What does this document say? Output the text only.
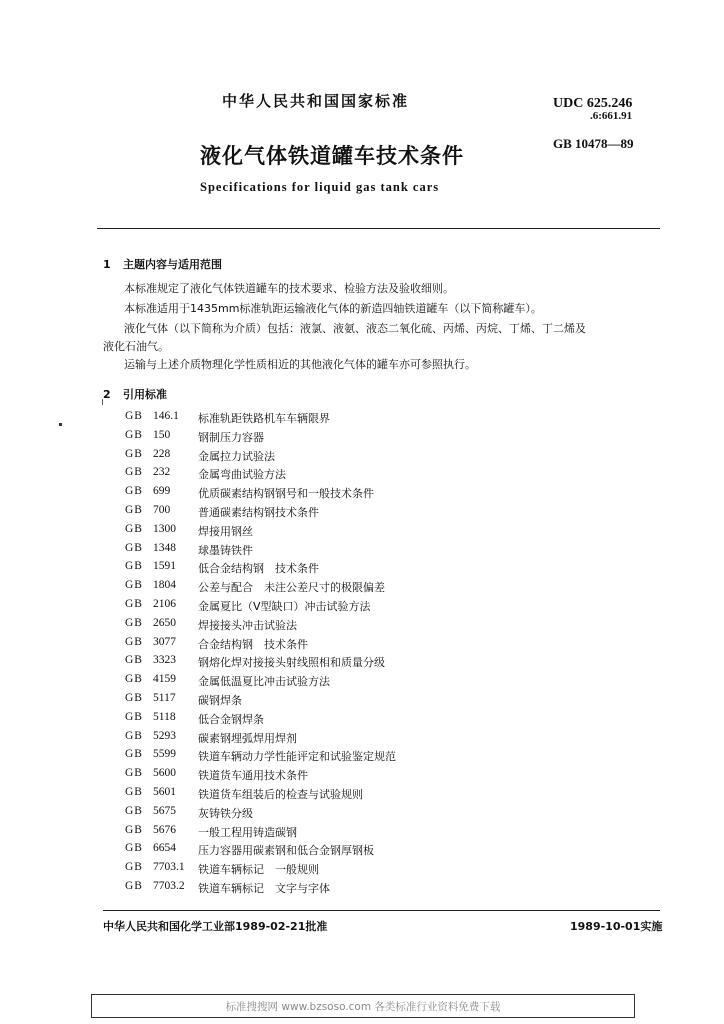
中华人民共和国国家标准	UDC 625.246
.6:661.91
GB 10478—89
液化气体铁道罐车技术条件
Specifications for liquid gas tank cars
1 主题内容与适用范围
本标准规定了液化气体铁道罐车的技术要求、检验方法及验收细则。
本标准适用于1435mm标准轨距运输液化气体的新造四轴铁道罐车（以下简称罐车）。
液化气体（以下简称为介质）包括：液氯、液氨、液态二氧化硫、丙烯、丙烷、丁烯、丁二烯及
液化石油气。
运输与上述介质物理化学性质相近的其他液化气体的罐车亦可参照执行。
2 引用标准
GB 146.1 标准轨距铁路机车车辆限界
GB 150	钢制压力容器
GB 228	金属拉力试验法
GB 232	金属弯曲试验方法
GB 699	优质碳素结构钢钢号和一般技术条件
GB 700	普通碳素结构钢技术条件
GB 1300 焊接用钢丝
GB 1348 球墨铸铁件
GB 1591 低合金结构钢　技术条件
GB 1804 公差与配合　未注公差尺寸的极限偏差
GB 2106 金属夏比（V型缺口）冲击试验方法
GB 2650 焊接接头冲击试验法
GB 3077 合金结构钢　技术条件
GB 3323 钢熔化焊对接接头射线照相和质量分级
GB 4159 金属低温夏比冲击试验方法
GB 5117 碳钢焊条
GB 5118 低合金钢焊条
GB 5293 碳素钢埋弧焊用焊剂
GB 5599 铁道车辆动力学性能评定和试验鉴定规范
GB 5600 铁道货车通用技术条件
GB 5601 铁道货车组装后的检查与试验规则
GB 5675 灰铸铁分级
GB 5676 一般工程用铸造碳钢
GB 6654 压力容器用碳素钢和低合金钢厚钢板
GB 7703.1 铁道车辆标记　一般规则
GB 7703.2 铁道车辆标记　文字与字体
中华人民共和国化学工业部1989-02-21批准	1989-10-01实施
标准搜搜网 www.bzsoso.com 各类标准行业资料免费下载
